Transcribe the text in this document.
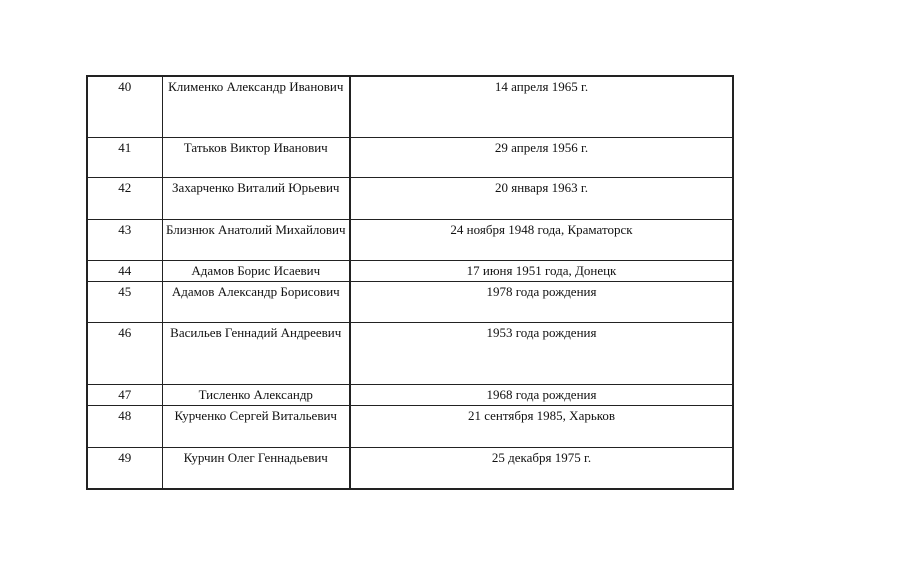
40	Клименко Александр Иванович	14 апреля 1965 г.
41	Татьков Виктор Иванович	29 апреля 1956 г.
42	Захарченко Виталий Юрьевич	20 января 1963 г.
43	Близнюк Анатолий Михайлович	24 ноября 1948 года, Краматорск
44	Адамов Борис Исаевич	17 июня 1951 года, Донецк
45	Адамов Александр Борисович	1978 года рождения
46	Васильев Геннадий Андреевич	1953 года рождения
47	Тисленко Александр	1968 года рождения
48	Курченко Сергей Витальевич	21 сентября 1985, Харьков
49	Курчин Олег Геннадьевич	25 декабря 1975 г.
